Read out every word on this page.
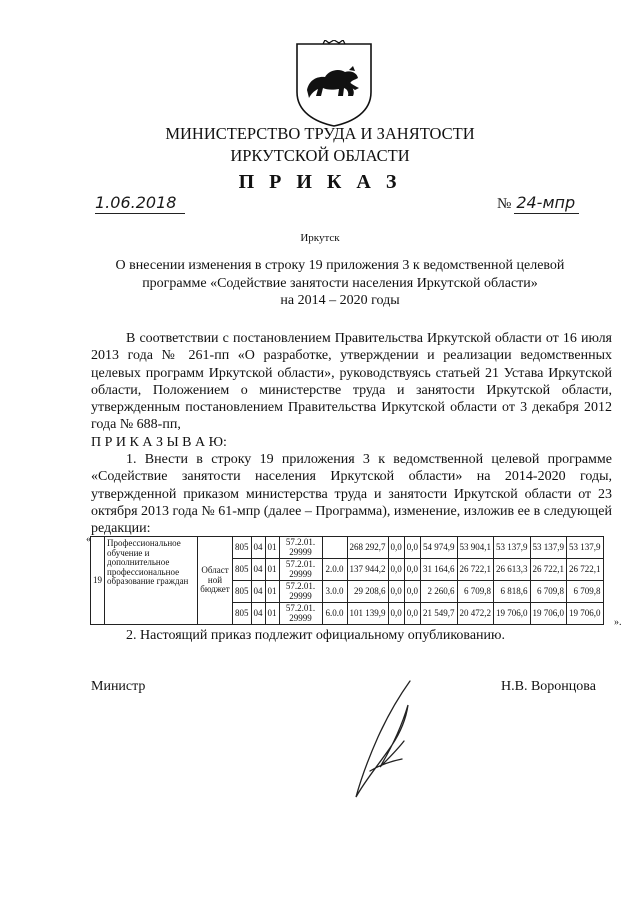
МИНИСТЕРСТВО ТРУДА И ЗАНЯТОСТИ
ИРКУТСКОЙ ОБЛАСТИ
П Р И К А З
1.06.2018	№ 24-мпр
Иркутск
О внесении изменения в строку 19 приложения 3 к ведомственной целевой
программе «Содействие занятости населения Иркутской области»
на 2014 – 2020 годы

В соответствии с постановлением Правительства Иркутской области от 16 июля 2013 года № 261-пп «О разработке, утверждении и реализации ведомственных целевых программ Иркутской области», руководствуясь статьей 21 Устава Иркутской области, Положением о министерстве труда и занятости Иркутской области, утвержденным постановлением Правительства Иркутской области от 3 декабря 2012 года № 688-пп,

П Р И К А З Ы В А Ю:

1. Внести в строку 19 приложения 3 к ведомственной целевой программе «Содействие занятости населения Иркутской области» на 2014-2020 годы, утвержденной приказом министерства труда и занятости Иркутской области от 23 октября 2013 года № 61-мпр (далее – Программа), изменение, изложив ее в следующей редакции:

«
19	Профессиональное обучение и дополнительное профессиональное образование граждан	Област ной бюджет	805	04	01	57.2.01. 29999		268 292,7	0,0	0,0	54 974,9	53 904,1	53 137,9	53 137,9	53 137,9
			805	04	01	57.2.01. 29999	2.0.0	137 944,2	0,0	0,0	31 164,6	26 722,1	26 613,3	26 722,1	26 722,1
			805	04	01	57.2.01. 29999	3.0.0	29 208,6	0,0	0,0	2 260,6	6 709,8	6 818,6	6 709,8	6 709,8
			805	04	01	57.2.01. 29999	6.0.0	101 139,9	0,0	0,0	21 549,7	20 472,2	19 706,0	19 706,0	19 706,0
».

2. Настоящий приказ подлежит официальному опубликованию.

Министр	Н.В. Воронцова
